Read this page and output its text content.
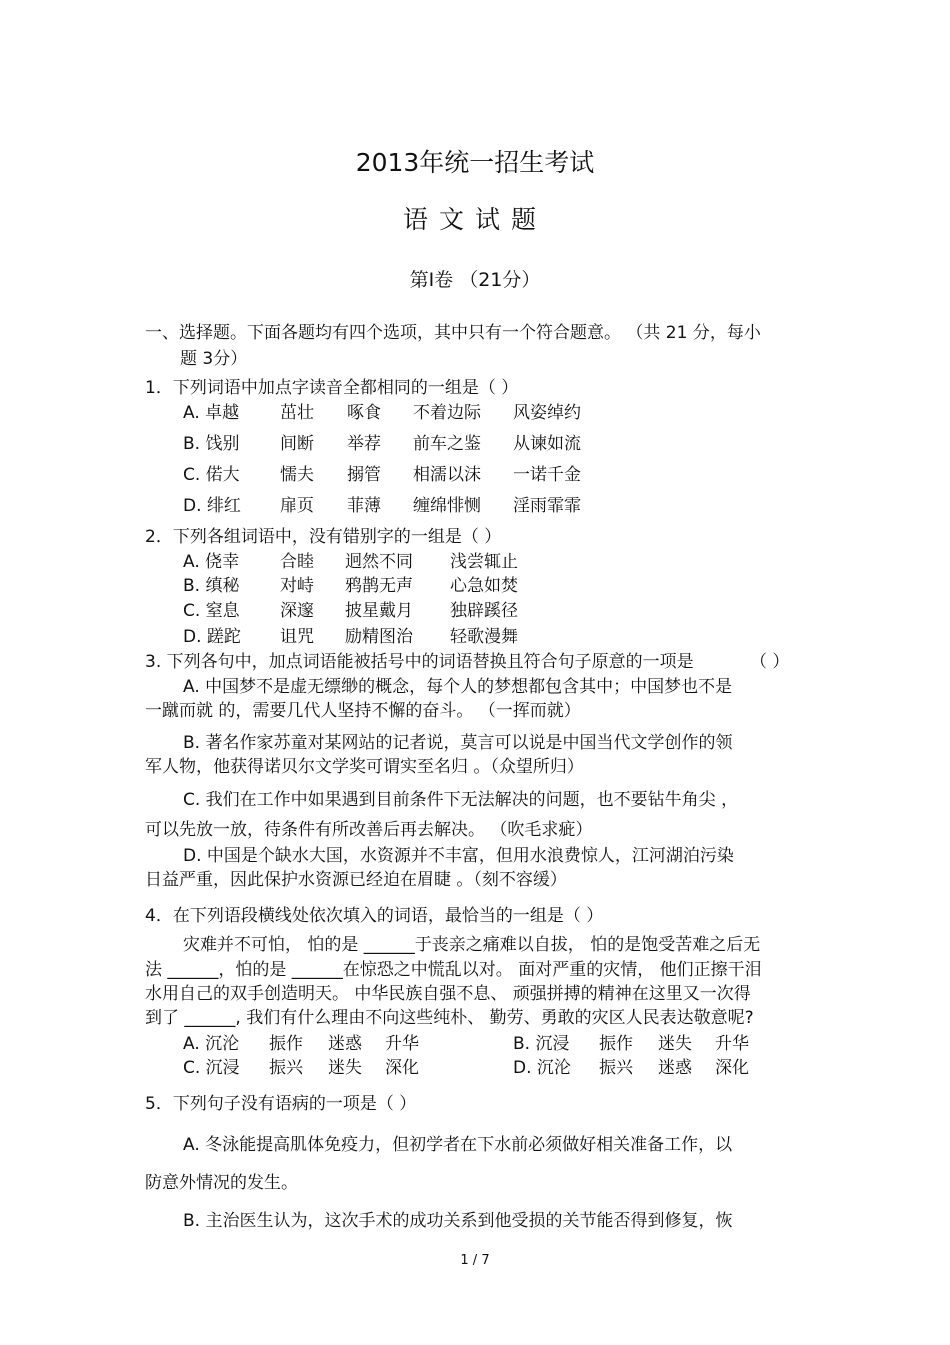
2013年统一招生考试
语文试题
第Ⅰ卷 （21分）
一、选择题。下面各题均有四个选项，其中只有一个符合题意。 （共 21 分，每小
题 3分）
1．下列词语中加点字读音全都相同的一组是（ ）
A. 卓越 茁壮 啄食 不着边际 风姿绰约
B. 饯别 间断 举荐 前车之鉴 从谏如流
C. 偌大 懦夫 搦管 相濡以沫 一诺千金
D. 绯红 扉页 菲薄 缠绵悱恻 淫雨霏霏
2．下列各组词语中，没有错别字的一组是（ ）
A. 侥幸 合睦 迥然不同 浅尝辄止
B. 缜秘 对峙 鸦鹊无声 心急如焚
C. 窒息 深邃 披星戴月 独辟蹊径
D. 蹉跎 诅咒 励精图治 轻歌漫舞
3. 下列各句中，加点词语能被括号中的词语替换且符合句子原意的一项是	（ ）
A. 中国梦不是虚无缥缈的概念，每个人的梦想都包含其中；中国梦也不是
一蹴而就 的，需要几代人坚持不懈的奋斗。 （一挥而就）
B. 著名作家苏童对某网站的记者说，莫言可以说是中国当代文学创作的领
军人物，他获得诺贝尔文学奖可谓实至名归 。（众望所归）
C. 我们在工作中如果遇到目前条件下无法解决的问题，也不要钻牛角尖 ，
可以先放一放，待条件有所改善后再去解决。 （吹毛求疵）
D. 中国是个缺水大国，水资源并不丰富，但用水浪费惊人，江河湖泊污染
日益严重，因此保护水资源已经迫在眉睫 。（刻不容缓）
4．在下列语段横线处依次填入的词语，最恰当的一组是（ ）
灾难并不可怕， 怕的是 ______于丧亲之痛难以自拔， 怕的是饱受苦难之后无
法 ______，怕的是 ______在惊恐之中慌乱以对。 面对严重的灾情， 他们正擦干泪
水用自己的双手创造明天。 中华民族自强不息、 顽强拼搏的精神在这里又一次得
到了 ______, 我们有什么理由不向这些纯朴、 勤劳、勇敢的灾区人民表达敬意呢?
A. 沉沦 振作 迷惑 升华	B. 沉浸 振作 迷失 升华
C. 沉浸 振兴 迷失 深化	D. 沉沦 振兴 迷惑 深化
5．下列句子没有语病的一项是（ ）
A. 冬泳能提高肌体免疫力，但初学者在下水前必须做好相关准备工作，以
防意外情况的发生。
B. 主治医生认为，这次手术的成功关系到他受损的关节能否得到修复，恢
1 / 7
